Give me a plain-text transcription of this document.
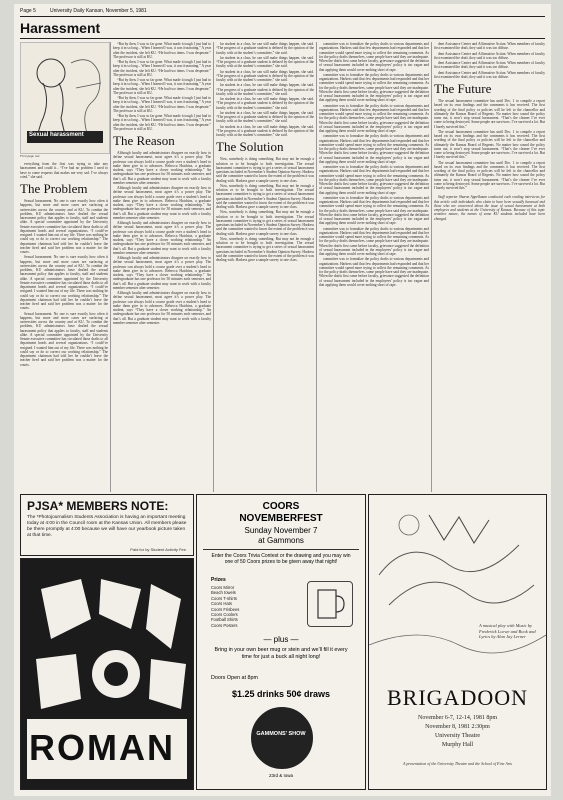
Page 5	University Daily Kansan, November 5, 1981
Harassment
Sexual harassment
First page one

everything from the first was trying to take any harassment and could it... “I’ve had no problem I used to have to come requests that makes me very sad. I’ve always cried,” she said.

The Problem

Sexual harassment. No one is sure exactly how often it happens, but more and more cases are surfacing at universities across the country and at KU. To combat the problem, KU administrators have drafted the sexual harassment policy that applies to faculty, staff and students alike. A special committee appointed by the University Senate executive committee has circulated those drafts to all department heads and several organizations. “I could’ve resigned. I wanted him out of my life. There was nothing he could say or do to correct our working relationship.” The department chairman had told her he couldn’t leave the teacher fired and said her problem was a matter for the courts.

Sexual harassment. No one is sure exactly how often it happens, but more and more cases are surfacing at universities across the country and at KU. To combat the problem, KU administrators have drafted the sexual harassment policy that applies to faculty, staff and students alike. A special committee appointed by the University Senate executive committee has circulated those drafts to all department heads and several organizations. “I could’ve resigned. I wanted him out of my life. There was nothing he could say or do to correct our working relationship.” The department chairman had told her he couldn’t leave the teacher fired and said her problem was a matter for the courts.

Sexual harassment. No one is sure exactly how often it happens, but more and more cases are surfacing at universities across the country and at KU. To combat the problem, KU administrators have drafted the sexual harassment policy that applies to faculty, staff and students alike. A special committee appointed by the University Senate executive committee has circulated those drafts to all department heads and several organizations. “I could’ve resigned. I wanted him out of my life. There was nothing he could say or do to correct our working relationship.” The department chairman had told her he couldn’t leave the teacher fired and said her problem was a matter for the courts.

“But by then, I was so far gone. What made it tough I just had to keep it in so long... When I learned I was, it was frustrating.” A year after the incident, she left KU. “He had two items. I was desperate.” The professor is still at KU.

“But by then, I was so far gone. What made it tough I just had to keep it in so long... When I learned I was, it was frustrating.” A year after the incident, she left KU. “He had two items. I was desperate.” The professor is still at KU.

“But by then, I was so far gone. What made it tough I just had to keep it in so long... When I learned I was, it was frustrating.” A year after the incident, she left KU. “He had two items. I was desperate.” The professor is still at KU.

“But by then, I was so far gone. What made it tough I just had to keep it in so long... When I learned I was, it was frustrating.” A year after the incident, she left KU. “He had two items. I was desperate.” The professor is still at KU.

“But by then, I was so far gone. What made it tough I just had to keep it in so long... When I learned I was, it was frustrating.” A year after the incident, she left KU. “He had two items. I was desperate.” The professor is still at KU.

The Reason

Although faculty and administrators disagree on exactly how to define sexual harassment, most agree it’s a power play. The professor can always hold a course grade over a student’s head to make them give in to advances. Rebecca Hutchins, a graduate student, says “They have a closer working relationship.” An undergraduate has one professor for 50 minutes each semester, and that’s all. But a graduate student may want to work with a faculty member semester after semester.

Although faculty and administrators disagree on exactly how to define sexual harassment, most agree it’s a power play. The professor can always hold a course grade over a student’s head to make them give in to advances. Rebecca Hutchins, a graduate student, says “They have a closer working relationship.” An undergraduate has one professor for 50 minutes each semester, and that’s all. But a graduate student may want to work with a faculty member semester after semester.

Although faculty and administrators disagree on exactly how to define sexual harassment, most agree it’s a power play. The professor can always hold a course grade over a student’s head to make them give in to advances. Rebecca Hutchins, a graduate student, says “They have a closer working relationship.” An undergraduate has one professor for 50 minutes each semester, and that’s all. But a graduate student may want to work with a faculty member semester after semester.

Although faculty and administrators disagree on exactly how to define sexual harassment, most agree it’s a power play. The professor can always hold a course grade over a student’s head to make them give in to advances. Rebecca Hutchins, a graduate student, says “They have a closer working relationship.” An undergraduate has one professor for 50 minutes each semester, and that’s all. But a graduate student may want to work with a faculty member semester after semester.

Although faculty and administrators disagree on exactly how to define sexual harassment, most agree it’s a power play. The professor can always hold a course grade over a student’s head to make them give in to advances. Rebecca Hutchins, a graduate student, says “They have a closer working relationship.” An undergraduate has one professor for 50 minutes each semester, and that’s all. But a graduate student may want to work with a faculty member semester after semester.

lar student in a class, he can still make things happen, she said. “The progress of a graduate student is defined by the opinion of the faculty with at the student’s committee,” she said.

lar student in a class, he can still make things happen, she said. “The progress of a graduate student is defined by the opinion of the faculty with at the student’s committee,” she said.

lar student in a class, he can still make things happen, she said. “The progress of a graduate student is defined by the opinion of the faculty with at the student’s committee,” she said.

lar student in a class, he can still make things happen, she said. “The progress of a graduate student is defined by the opinion of the faculty with at the student’s committee,” she said.

lar student in a class, he can still make things happen, she said. “The progress of a graduate student is defined by the opinion of the faculty with at the student’s committee,” she said.

lar student in a class, he can still make things happen, she said. “The progress of a graduate student is defined by the opinion of the faculty with at the student’s committee,” she said.

lar student in a class, he can still make things happen, she said. “The progress of a graduate student is defined by the opinion of the faculty with at the student’s committee,” she said.

The Solution

Now, somebody is doing something. But may not be enough a solution or to be brought to both investigation. The sexual harassment committee is trying to get a series of sexual harassment questions included in November’s Student Opinion Survey. Harkess said the committee wanted to know the extent of the problem it was dealing with. Harkess gave a sample survey to one class.

Now, somebody is doing something. But may not be enough a solution or to be brought to both investigation. The sexual harassment committee is trying to get a series of sexual harassment questions included in November’s Student Opinion Survey. Harkess said the committee wanted to know the extent of the problem it was dealing with. Harkess gave a sample survey to one class.

Now, somebody is doing something. But may not be enough a solution or to be brought to both investigation. The sexual harassment committee is trying to get a series of sexual harassment questions included in November’s Student Opinion Survey. Harkess said the committee wanted to know the extent of the problem it was dealing with. Harkess gave a sample survey to one class.

Now, somebody is doing something. But may not be enough a solution or to be brought to both investigation. The sexual harassment committee is trying to get a series of sexual harassment questions included in November’s Student Opinion Survey. Harkess said the committee wanted to know the extent of the problem it was dealing with. Harkess gave a sample survey to one class.

committee was to formalize the policy drafts to various departments and organizations. Harkess said that few departments had responded and that her committee would spend more trying to collect the remaining comments. As for the policy drafts themselves, some people have said they are inadequate. When the drafts first came before faculty, grievance suggested the definition of sexual harassment included in the employees’ policy is too vague and that applying them would cover nothing short of rape.

committee was to formalize the policy drafts to various departments and organizations. Harkess said that few departments had responded and that her committee would spend more trying to collect the remaining comments. As for the policy drafts themselves, some people have said they are inadequate. When the drafts first came before faculty, grievance suggested the definition of sexual harassment included in the employees’ policy is too vague and that applying them would cover nothing short of rape.

committee was to formalize the policy drafts to various departments and organizations. Harkess said that few departments had responded and that her committee would spend more trying to collect the remaining comments. As for the policy drafts themselves, some people have said they are inadequate. When the drafts first came before faculty, grievance suggested the definition of sexual harassment included in the employees’ policy is too vague and that applying them would cover nothing short of rape.

committee was to formalize the policy drafts to various departments and organizations. Harkess said that few departments had responded and that her committee would spend more trying to collect the remaining comments. As for the policy drafts themselves, some people have said they are inadequate. When the drafts first came before faculty, grievance suggested the definition of sexual harassment included in the employees’ policy is too vague and that applying them would cover nothing short of rape.

committee was to formalize the policy drafts to various departments and organizations. Harkess said that few departments had responded and that her committee would spend more trying to collect the remaining comments. As for the policy drafts themselves, some people have said they are inadequate. When the drafts first came before faculty, grievance suggested the definition of sexual harassment included in the employees’ policy is too vague and that applying them would cover nothing short of rape.

committee was to formalize the policy drafts to various departments and organizations. Harkess said that few departments had responded and that her committee would spend more trying to collect the remaining comments. As for the policy drafts themselves, some people have said they are inadequate. When the drafts first came before faculty, grievance suggested the definition of sexual harassment included in the employees’ policy is too vague and that applying them would cover nothing short of rape.

committee was to formalize the policy drafts to various departments and organizations. Harkess said that few departments had responded and that her committee would spend more trying to collect the remaining comments. As for the policy drafts themselves, some people have said they are inadequate. When the drafts first came before faculty, grievance suggested the definition of sexual harassment included in the employees’ policy is too vague and that applying them would cover nothing short of rape.

committee was to formalize the policy drafts to various departments and organizations. Harkess said that few departments had responded and that her committee would spend more trying to collect the remaining comments. As for the policy drafts themselves, some people have said they are inadequate. When the drafts first came before faculty, grievance suggested the definition of sexual harassment included in the employees’ policy is too vague and that applying them would cover nothing short of rape.

dent Assistance Center and Affirmative Action. When members of faculty first examined the draft, they said it was too diffuse.

dent Assistance Center and Affirmative Action. When members of faculty first examined the draft, they said it was too diffuse.

dent Assistance Center and Affirmative Action. When members of faculty first examined the draft, they said it was too diffuse.

dent Assistance Center and Affirmative Action. When members of faculty first examined the draft, they said it was too diffuse.

The Future

The sexual harassment committee has until Dec. 1 to compile a report based on its own findings and the comments it has received. The first wording of the final policy or policies will be left to the chancellor and ultimately the Kansas Board of Regents. No matter how sound the policy turns out, it won’t stop sexual harassment. “That’s the cleaner I’ve ever come to being destroyed. Some people are survivors. I’ve survived a lot. But I barely survived this.”

The sexual harassment committee has until Dec. 1 to compile a report based on its own findings and the comments it has received. The first wording of the final policy or policies will be left to the chancellor and ultimately the Kansas Board of Regents. No matter how sound the policy turns out, it won’t stop sexual harassment. “That’s the cleaner I’ve ever come to being destroyed. Some people are survivors. I’ve survived a lot. But I barely survived this.”

The sexual harassment committee has until Dec. 1 to compile a report based on its own findings and the comments it has received. The first wording of the final policy or policies will be left to the chancellor and ultimately the Kansas Board of Regents. No matter how sound the policy turns out, it won’t stop sexual harassment. “That’s the cleaner I’ve ever come to being destroyed. Some people are survivors. I’ve survived a lot. But I barely survived this.”

Staff reporter Sharon Appelbaum conducted each reading interviews for this article with individuals who claim to have been sexually harassed and those who are concerned about the issue of sexual harassment at both employees and students at the University of Kansas. Because of this topic sensitive nature, the names of some KU students included have been changed.

PJSA* MEMBERS NOTE:
The *Photojournalism Students Association is having an important meeting today at 4:00 in the Council room at the Kansas Union. All members please be there promptly at 4:00 because we will have our yearbook picture taken at that time.
Paid for by Student Activity Fee.
ROMAN
COORS
NOVEMBERFEST
Sunday November 7
at Gammons
Enter the Coors Trivia Contest or the drawing and you may win one of 50 Coors prizes to be given away that night!
Prizes
Coors Mirror
Beach towels
Coors T-shirts
Coors Hats
Coors Frisbees
Coors Coolers
Football Shirts
Coors Posters
— plus —
Bring in your own beer mug or stein and we’ll fill it every time for just a buck all night long!
Doors Open at 8pm
$1.25 drinks 50¢ draws
GAMMONS’ SHOW
23rd & Iowa
A musical play with Music by Frederick Loewe and Book and Lyrics by Alan Jay Lerner
BRIGADOON
November 6-7, 12-14, 1981 8pm
November 8, 1981 2:30pm
University Theatre
Murphy Hall
A presentation of the University Theatre and the School of Fine Arts
